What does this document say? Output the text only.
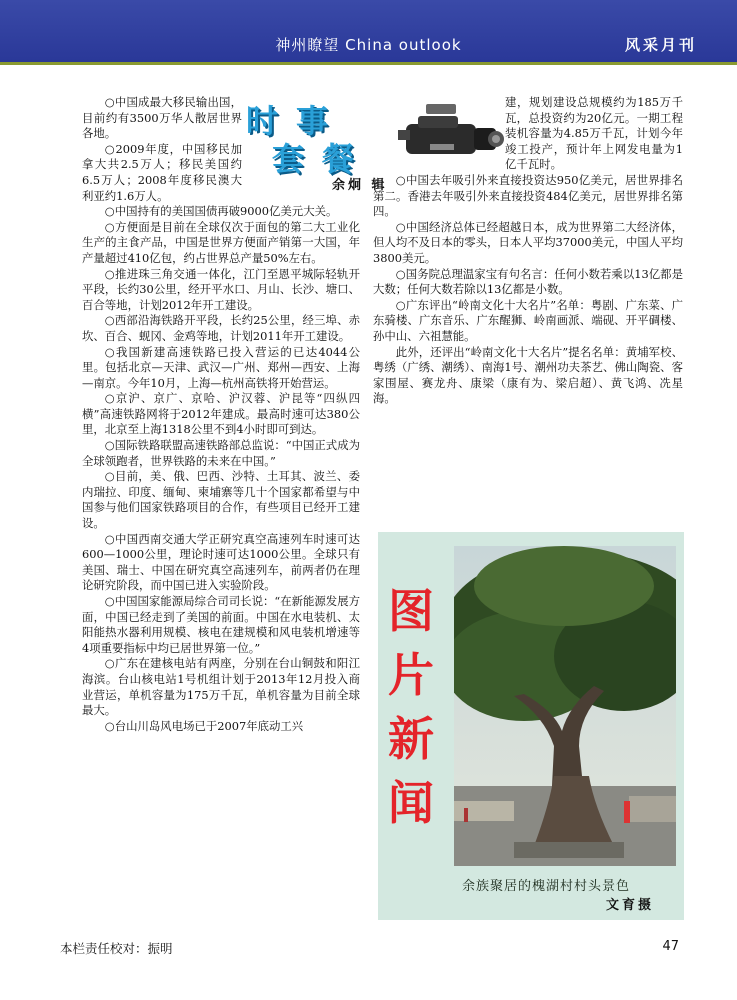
神州瞭望 China outlook	风采月刊

○中国成最大移民输出国，目前约有3500万华人散居世界各地。

○2009年度，中国移民加拿大共2.5万人；移民美国约6.5万人；2008年度移民澳大利亚约1.6万人。

○中国持有的美国国债再破9000亿美元大关。

○方便面是目前在全球仅次于面包的第二大工业化生产的主食产品，中国是世界方便面产销第一大国，年产量超过410亿包，约占世界总产量50%左右。

○推进珠三角交通一体化，江门至恩平城际轻轨开平段，长约30公里，经开平水口、月山、长沙、塘口、百合等地，计划2012年开工建设。

○西部沿海铁路开平段，长约25公里，经三埠、赤坎、百合、蚬冈、金鸡等地，计划2011年开工建设。

○我国新建高速铁路已投入营运的已达4044公里。包括北京—天津、武汉—广州、郑州—西安、上海—南京。今年10月，上海—杭州高铁将开始营运。

○京沪、京广、京哈、沪汉蓉、沪昆等“四纵四横”高速铁路网将于2012年建成。最高时速可达380公里，北京至上海1318公里不到4小时即可到达。

○国际铁路联盟高速铁路部总监说：“中国正式成为全球领跑者，世界铁路的未来在中国。”

○目前，美、俄、巴西、沙特、土耳其、波兰、委内瑞拉、印度、缅甸、柬埔寨等几十个国家都希望与中国参与他们国家铁路项目的合作，有些项目已经开工建设。

○中国西南交通大学正研究真空高速列车时速可达600—1000公里，理论时速可达1000公里。全球只有美国、瑞士、中国在研究真空高速列车，前两者仍在理论研究阶段，而中国已进入实验阶段。

○中国国家能源局综合司司长说：“在新能源发展方面，中国已经走到了美国的前面。中国在水电装机、太阳能热水器利用规模、核电在建规模和风电装机增速等4项重要指标中均已居世界第一位。”

○广东在建核电站有两座，分别在台山铜鼓和阳江海滨。台山核电站1号机组计划于2013年12月投入商业营运，单机容量为175万千瓦，单机容量为目前全球最大。

○台山川岛风电场已于2007年底动工兴

时事
套餐
余炯 辑

建，规划建设总规模约为185万千瓦，总投资约为20亿元。一期工程装机容量为4.85万千瓦，计划今年竣工投产，预计年上网发电量为1亿千瓦时。

○中国去年吸引外来直接投资达950亿美元，居世界排名第二。香港去年吸引外来直接投资484亿美元，居世界排名第四。

○中国经济总体已经超越日本，成为世界第二大经济体，但人均不及日本的零头，日本人平均37000美元，中国人平均3800美元。

○国务院总理温家宝有句名言：任何小数若乘以13亿都是大数；任何大数若除以13亿都是小数。

○广东评出“岭南文化十大名片”名单：粤剧、广东菜、广东骑楼、广东音乐、广东醒狮、岭南画派、端砚、开平碉楼、孙中山、六祖慧能。

此外，还评出“岭南文化十大名片”提名名单：黄埔军校、粤绣（广绣、潮绣）、南海1号、潮州功夫茶艺、佛山陶瓷、客家围屋、赛龙舟、康梁（康有为、梁启超）、黄飞鸿、冼星海。

图
片
新
闻
余族聚居的槐湖村村头景色
文育摄
本栏责任校对：振明	47
